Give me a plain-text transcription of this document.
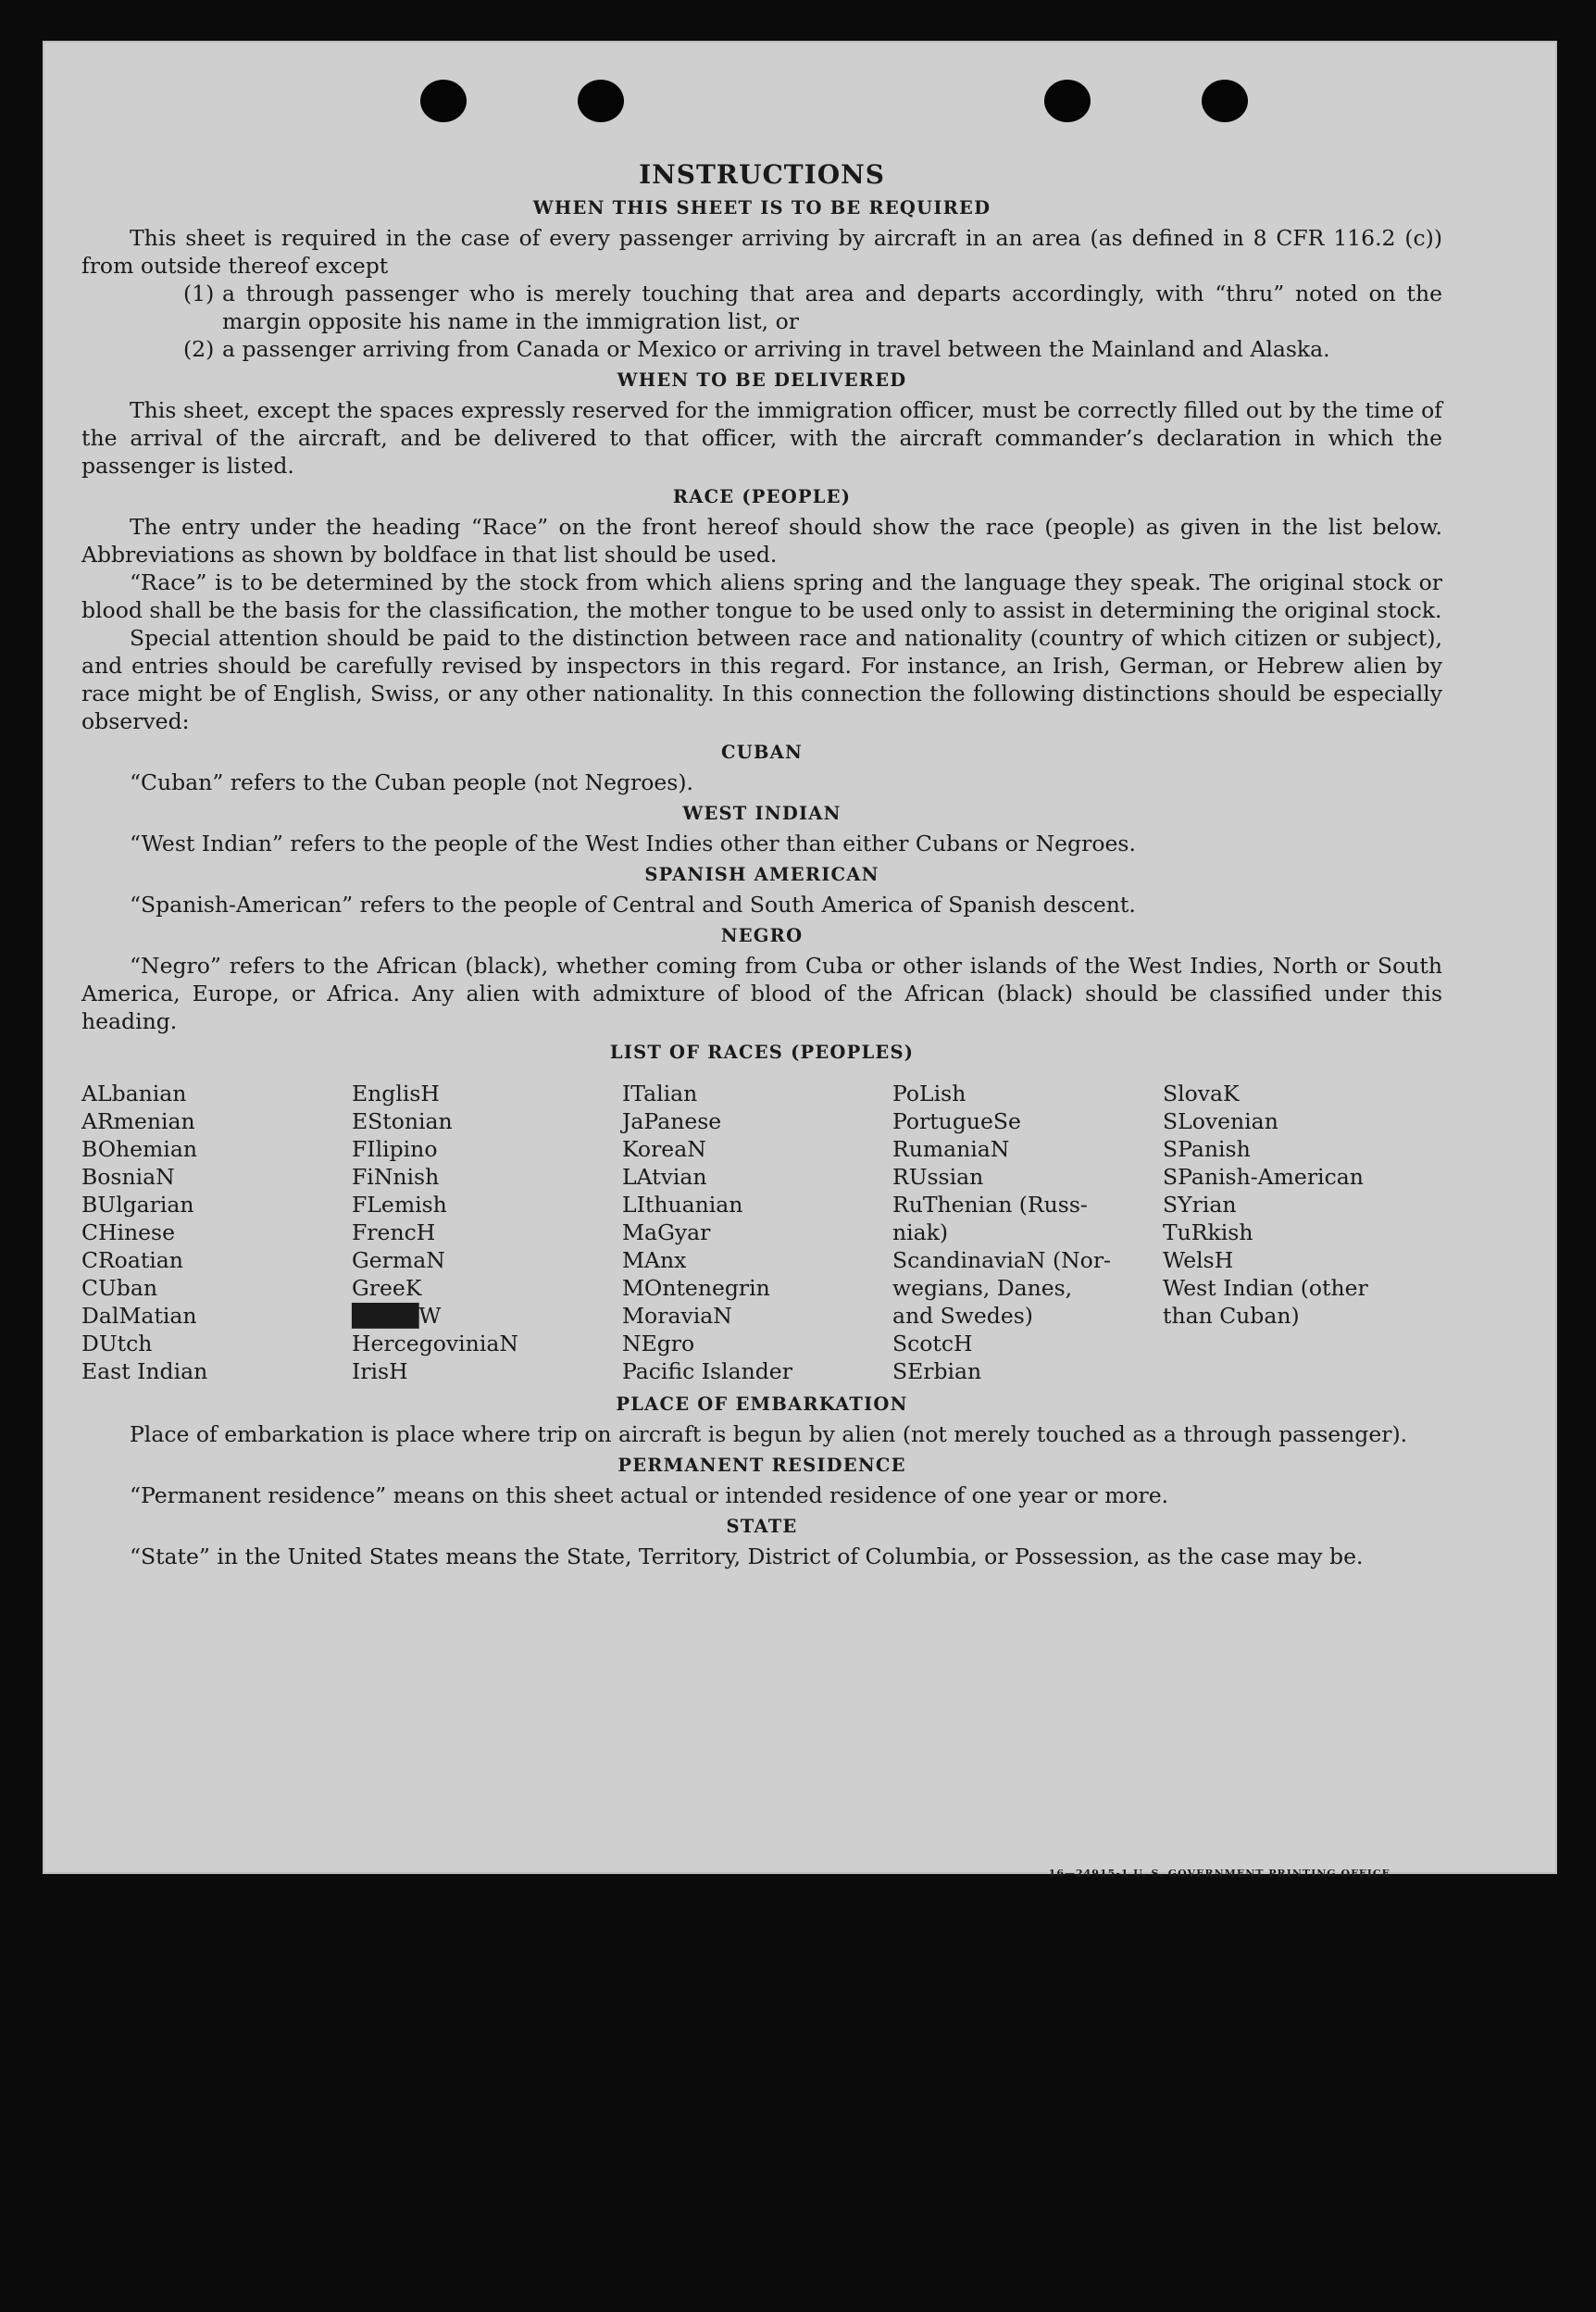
INSTRUCTIONS
WHEN THIS SHEET IS TO BE REQUIRED

This sheet is required in the case of every passenger arriving by aircraft in an area (as defined in 8 CFR 116.2 (c)) from outside thereof except

(1) a through passenger who is merely touching that area and departs accordingly, with “thru” noted on the margin opposite his name in the immigration list, or
(2) a passenger arriving from Canada or Mexico or arriving in travel between the Mainland and Alaska.
WHEN TO BE DELIVERED

This sheet, except the spaces expressly reserved for the immigration officer, must be correctly filled out by the time of the arrival of the aircraft, and be delivered to that officer, with the aircraft commander’s declaration in which the passenger is listed.

RACE (PEOPLE)

The entry under the heading “Race” on the front hereof should show the race (people) as given in the list below. Abbreviations as shown by boldface in that list should be used.

“Race” is to be determined by the stock from which aliens spring and the language they speak. The original stock or blood shall be the basis for the classification, the mother tongue to be used only to assist in determining the original stock.

Special attention should be paid to the distinction between race and nationality (country of which citizen or subject), and entries should be carefully revised by inspectors in this regard. For instance, an Irish, German, or Hebrew alien by race might be of English, Swiss, or any other nationality. In this connection the following distinctions should be especially observed:

CUBAN

“Cuban” refers to the Cuban people (not Negroes).

WEST INDIAN

“West Indian” refers to the people of the West Indies other than either Cubans or Negroes.

SPANISH AMERICAN

“Spanish-American” refers to the people of Central and South America of Spanish descent.

NEGRO

“Negro” refers to the African (black), whether coming from Cuba or other islands of the West Indies, North or South America, Europe, or Africa. Any alien with admixture of blood of the African (black) should be classified under this heading.

LIST OF RACES (PEOPLES)
ALbanian
ARmenian
BOhemian
BosniaN
BUlgarian
CHinese
CRoatian
CUban
DalMatian
DUtch
East Indian
EnglisH
EStonian
FIlipino
FiNnish
FLemish
FrencH
GermaN
GreeK
████W
HercegoviniaN
IrisH
ITalian
JaPanese
KoreaN
LAtvian
LIthuanian
MaGyar
MAnx
MOntenegrin
MoraviaN
NEgro
Pacific Islander
PoLish
PortugueSe
RumaniaN
RUssian
RuThenian (Russ-
niak)
ScandinaviaN (Nor-
wegians, Danes,
and Swedes)
ScotcH
SErbian
SlovaK
SLovenian
SPanish
SPanish-American
SYrian
TuRkish
WelsH
West Indian (other
than Cuban)
PLACE OF EMBARKATION

Place of embarkation is place where trip on aircraft is begun by alien (not merely touched as a through passenger).

PERMANENT RESIDENCE

“Permanent residence” means on this sheet actual or intended residence of one year or more.

STATE

“State” in the United States means the State, Territory, District of Columbia, or Possession, as the case may be.

16—24915-1 U. S. GOVERNMENT PRINTING OFFICE
